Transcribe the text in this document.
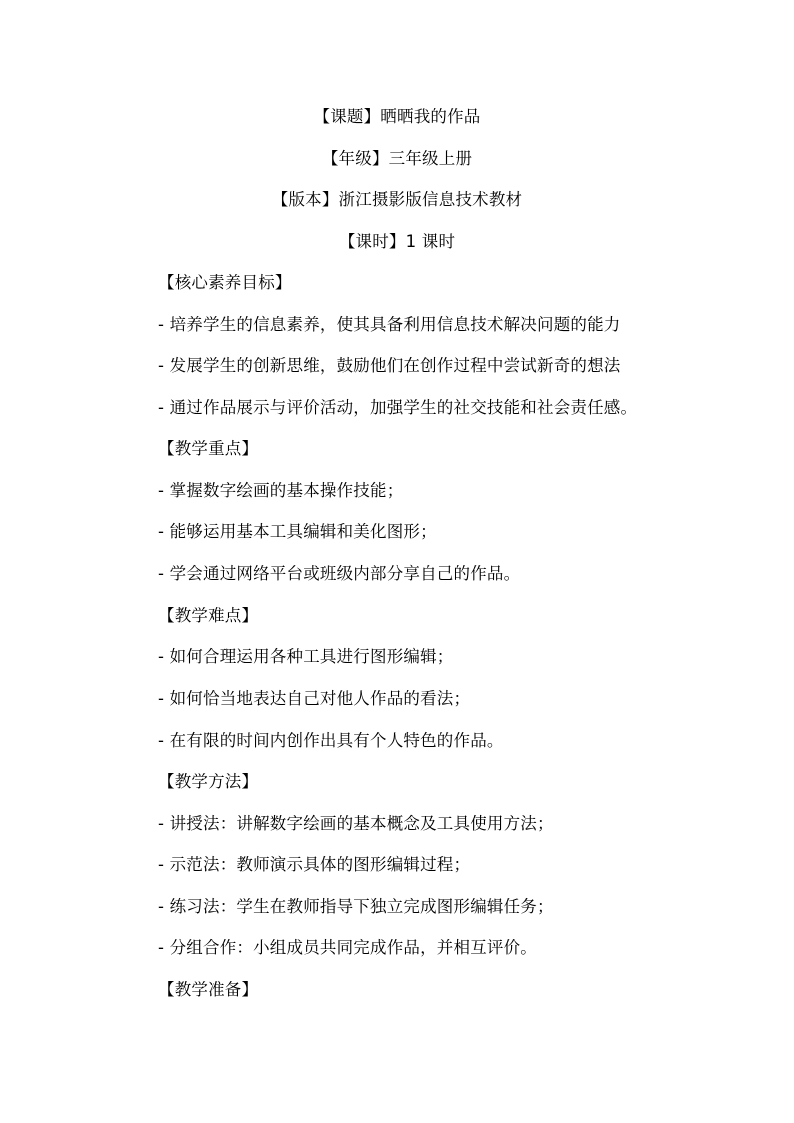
【课题】晒晒我的作品
【年级】三年级上册
【版本】浙江摄影版信息技术教材
【课时】1 课时
【核心素养目标】
- 培养学生的信息素养，使其具备利用信息技术解决问题的能力
- 发展学生的创新思维，鼓励他们在创作过程中尝试新奇的想法
- 通过作品展示与评价活动，加强学生的社交技能和社会责任感。
【教学重点】
- 掌握数字绘画的基本操作技能；
- 能够运用基本工具编辑和美化图形；
- 学会通过网络平台或班级内部分享自己的作品。
【教学难点】
- 如何合理运用各种工具进行图形编辑；
- 如何恰当地表达自己对他人作品的看法；
- 在有限的时间内创作出具有个人特色的作品。
【教学方法】
- 讲授法：讲解数字绘画的基本概念及工具使用方法；
- 示范法：教师演示具体的图形编辑过程；
- 练习法：学生在教师指导下独立完成图形编辑任务；
- 分组合作：小组成员共同完成作品，并相互评价。
【教学准备】
